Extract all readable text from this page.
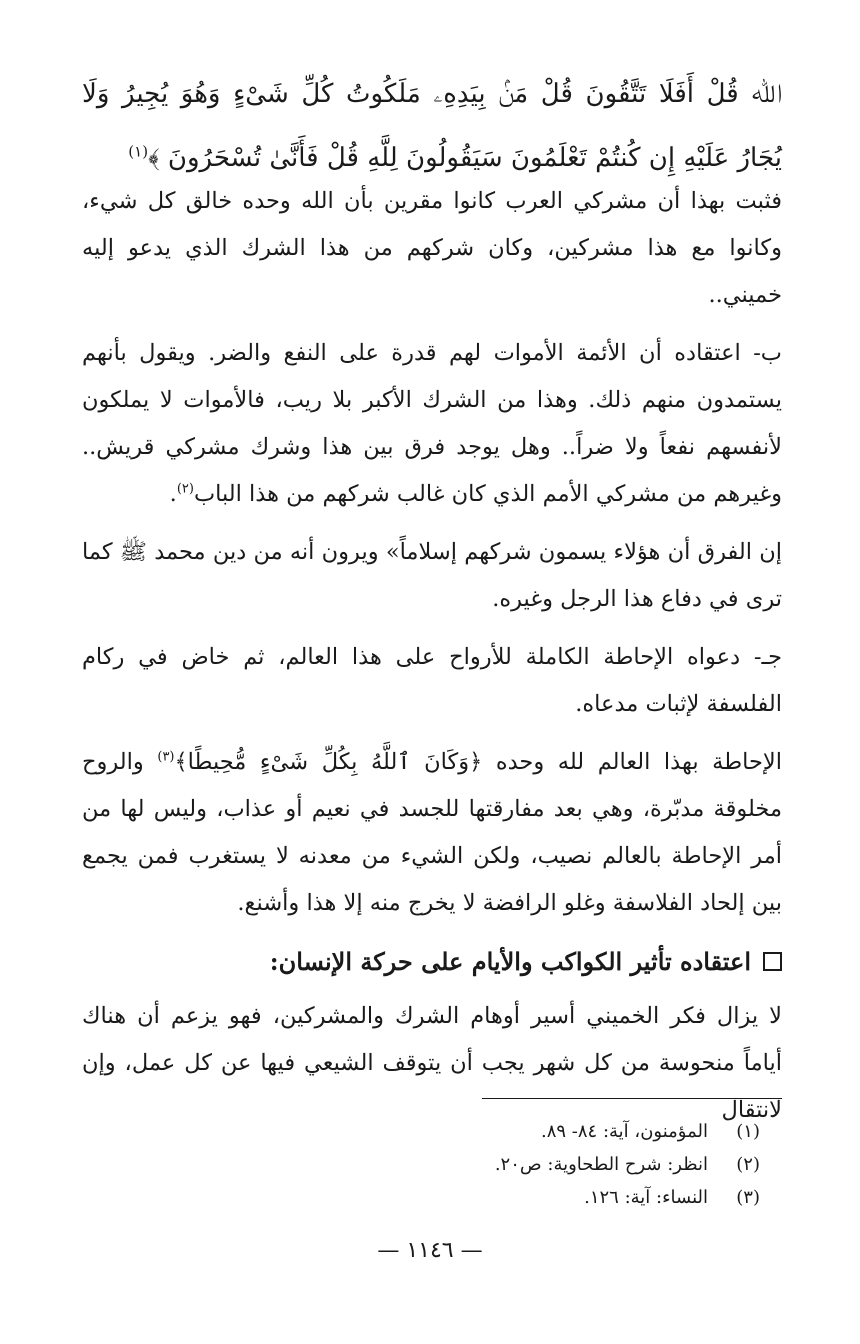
ﷲ قُلْ أَفَلَا تَتَّقُونَ قُلْ مَنۢ بِيَدِهِۦ مَلَكُوتُ كُلِّ شَىْءٍ وَهُوَ يُجِيرُ وَلَا يُجَارُ عَلَيْهِ إِن كُنتُمْ تَعْلَمُونَ سَيَقُولُونَ لِلَّهِ قُلْ فَأَنَّىٰ تُسْحَرُونَ ﴾$^{(١)}$

فثبت بهذا أن مشركي العرب كانوا مقرين بأن الله وحده خالق كل شيء، وكانوا مع هذا مشركين، وكان شركهم من هذا الشرك الذي يدعو إليه خميني..

ب- اعتقاده أن الأئمة الأموات لهم قدرة على النفع والضر. ويقول بأنهم يستمدون منهم ذلك. وهذا من الشرك الأكبر بلا ريب، فالأموات لا يملكون لأنفسهم نفعاً ولا ضراً.. وهل يوجد فرق بين هذا وشرك مشركي قريش.. وغيرهم من مشركي الأمم الذي كان غالب شركهم من هذا الباب$^{(٢)}$.

إن الفرق أن هؤلاء يسمون شركهم إسلاماً» ويرون أنه من دين محمد ﷺ كما ترى في دفاع هذا الرجل وغيره.

جـ- دعواه الإحاطة الكاملة للأرواح على هذا العالم، ثم خاض في ركام الفلسفة لإثبات مدعاه.

الإحاطة بهذا العالم لله وحده ﴿وَكَانَ ٱللَّهُ بِكُلِّ شَىْءٍ مُّحِيطًا﴾$^{(٣)}$ والروح مخلوقة مدبّرة، وهي بعد مفارقتها للجسد في نعيم أو عذاب، وليس لها من أمر الإحاطة بالعالم نصيب، ولكن الشيء من معدنه لا يستغرب فمن يجمع بين إلحاد الفلاسفة وغلو الرافضة لا يخرج منه إلا هذا وأشنع.

اعتقاده تأثير الكواكب والأيام على حركة الإنسان:

لا يزال فكر الخميني أسير أوهام الشرك والمشركين، فهو يزعم أن هناك أياماً منحوسة من كل شهر يجب أن يتوقف الشيعي فيها عن كل عمل، وإن لانتقال

(١)
المؤمنون، آية: ٨٤- ٨٩.
(٢)
انظر: شرح الطحاوية: ص٢٠.
(٣)
النساء: آية: ١٢٦.
— ١١٤٦ —
